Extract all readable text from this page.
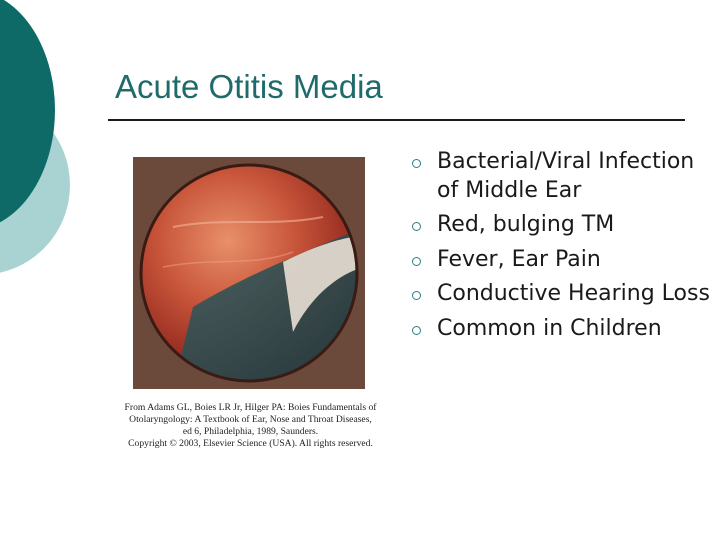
Acute Otitis Media
From Adams GL, Boies LR Jr, Hilger PA: Boies Fundamentals of
Otolaryngology: A Textbook of Ear, Nose and Throat Diseases,
ed 6, Philadelphia, 1989, Saunders.
Copyright © 2003, Elsevier Science (USA). All rights reserved.
Bacterial/Viral Infection of Middle Ear
Red, bulging TM
Fever, Ear Pain
Conductive Hearing Loss
Common in Children
